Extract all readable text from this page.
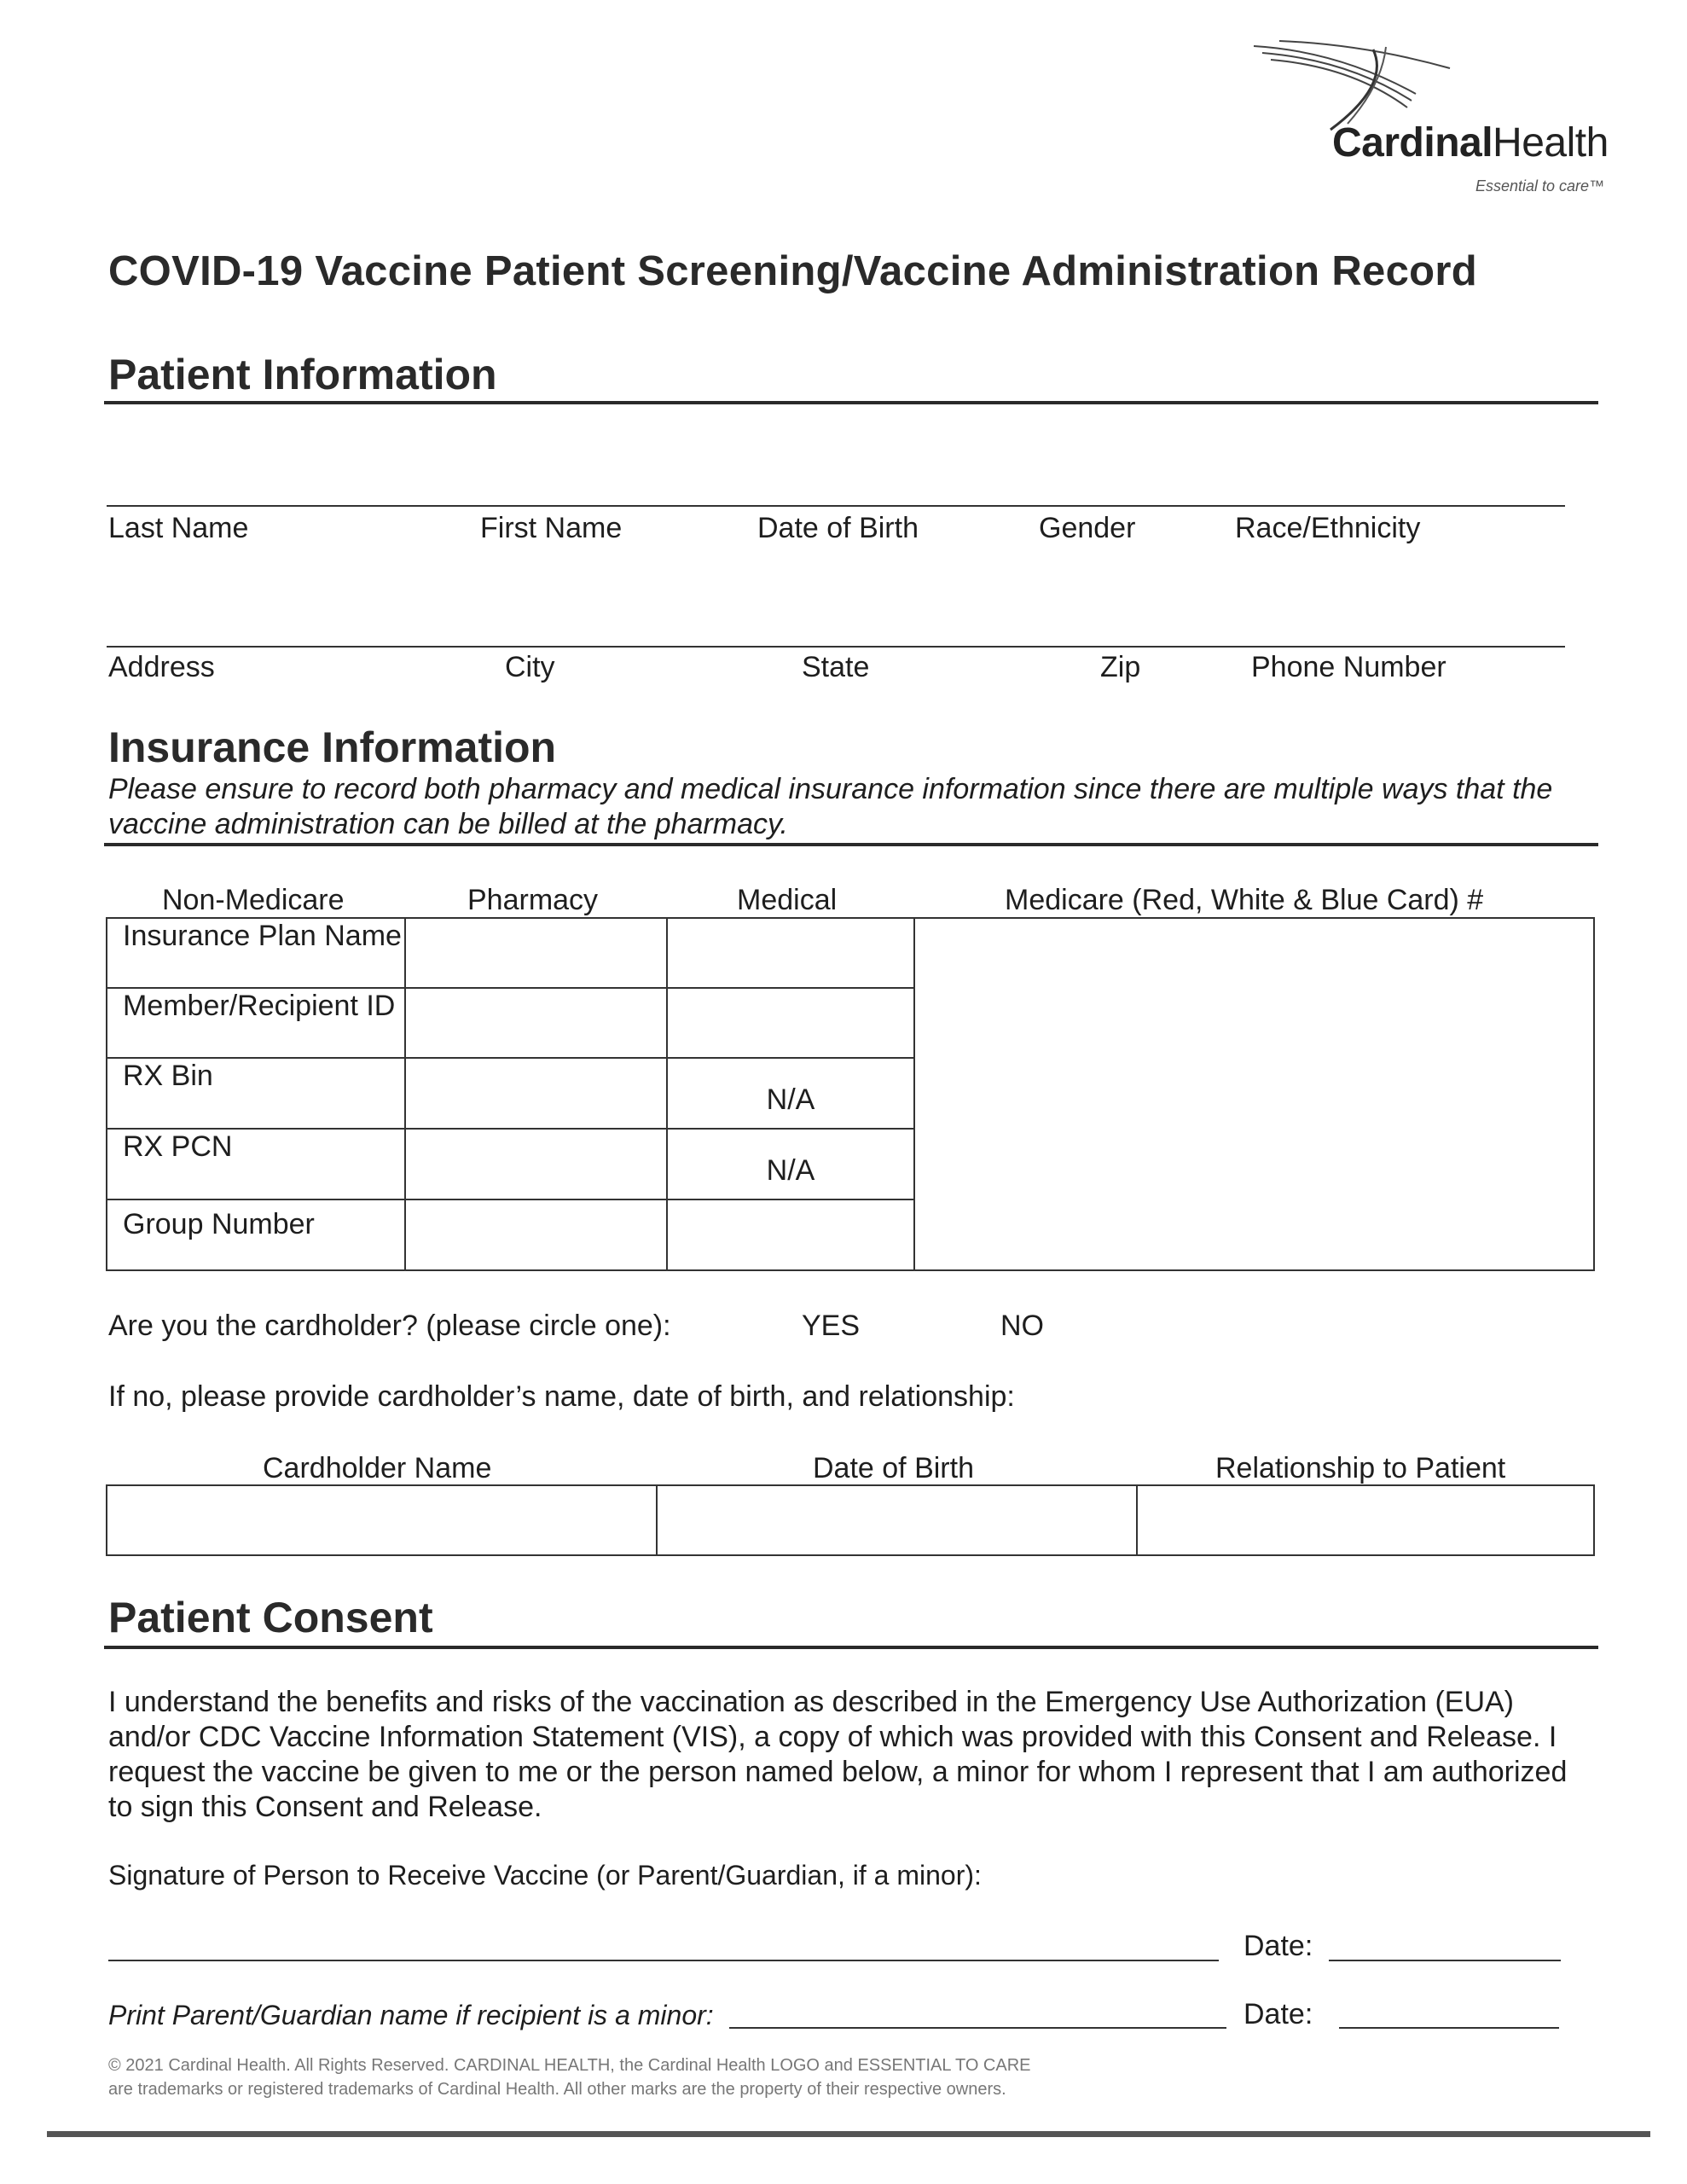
CardinalHealth
Essential to care™
COVID-19 Vaccine Patient Screening/Vaccine Administration Record
Patient Information
Last Name	First Name	Date of Birth	Gender	Race/Ethnicity
Address	City	State	Zip	Phone Number
Insurance Information
Please ensure to record both pharmacy and medical insurance information since there are multiple ways that the vaccine administration can be billed at the pharmacy.
Non-Medicare	Pharmacy	Medical	Medicare (Red, White & Blue Card) #
Insurance Plan Name			
Member/Recipient ID			
RX Bin		N/A	
RX PCN		N/A	
Group Number			
Are you the cardholder? (please circle one):	YES	NO
If no, please provide cardholder’s name, date of birth, and relationship:
Cardholder Name	Date of Birth	Relationship to Patient

Patient Consent
I understand the benefits and risks of the vaccination as described in the Emergency Use Authorization (EUA) and/or CDC Vaccine Information Statement (VIS), a copy of which was provided with this Consent and Release. I request the vaccine be given to me or the person named below, a minor for whom I represent that I am authorized to sign this Consent and Release.
Signature of Person to Receive Vaccine (or Parent/Guardian, if a minor):
Date:
Print Parent/Guardian name if recipient is a minor:	Date:
© 2021 Cardinal Health. All Rights Reserved. CARDINAL HEALTH, the Cardinal Health LOGO and ESSENTIAL TO CARE
are trademarks or registered trademarks of Cardinal Health. All other marks are the property of their respective owners.
